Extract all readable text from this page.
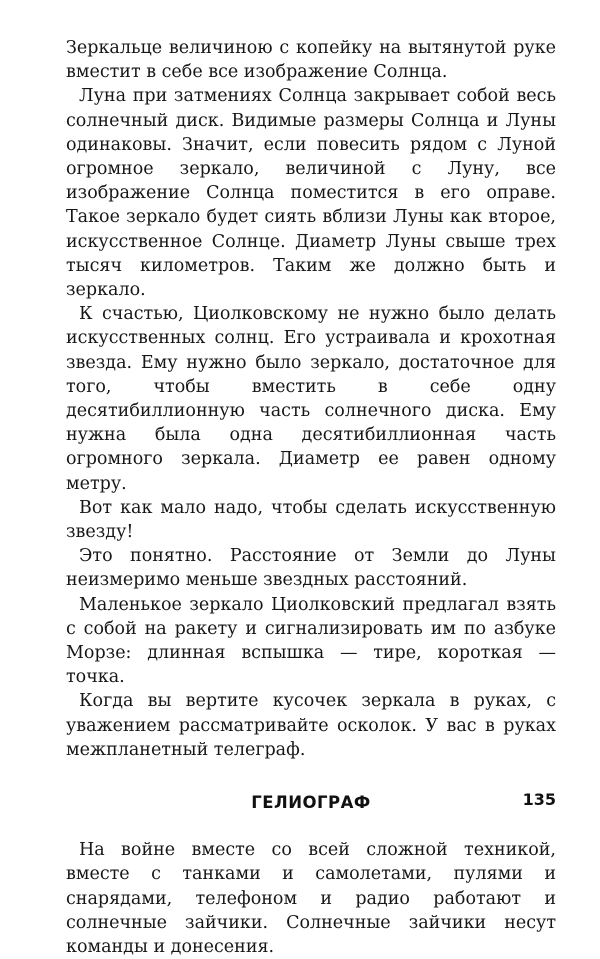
Зеркальце величиною с копейку на вытянутой руке вместит в себе все изображение Солнца.

Луна при затмениях Солнца закрывает собой весь солнечный диск. Видимые размеры Солнца и Луны одинаковы. Значит, если повесить рядом с Луной огромное зеркало, величиной с Луну, все изображение Солнца поместится в его оправе. Такое зеркало будет сиять вблизи Луны как второе, искусственное Солнце. Диаметр Луны свыше трех тысяч километров. Таким же должно быть и зеркало.

К счастью, Циолковскому не нужно было делать искусственных солнц. Его устраивала и крохотная звезда. Ему нужно было зеркало, достаточное для того, чтобы вместить в себе одну десятибиллионную часть солнечного диска. Ему нужна была одна десятибиллионная часть огромного зеркала. Диаметр ее равен одному метру.

Вот как мало надо, чтобы сделать искусственную звезду!

Это понятно. Расстояние от Земли до Луны неизмеримо меньше звездных расстояний.

Маленькое зеркало Циолковский предлагал взять с собой на ракету и сигнализировать им по азбуке Морзе: длинная вспышка — тире, короткая — точка.

Когда вы вертите кусочек зеркала в руках, с уважением рассматривайте осколок. У вас в руках межпланетный телеграф.

ГЕЛИОГРАФ

На войне вместе со всей сложной техникой, вместе с танками и самолетами, пулями и снарядами, телефоном и радио работают и солнечные зайчики. Солнечные зайчики несут команды и донесения.

135
